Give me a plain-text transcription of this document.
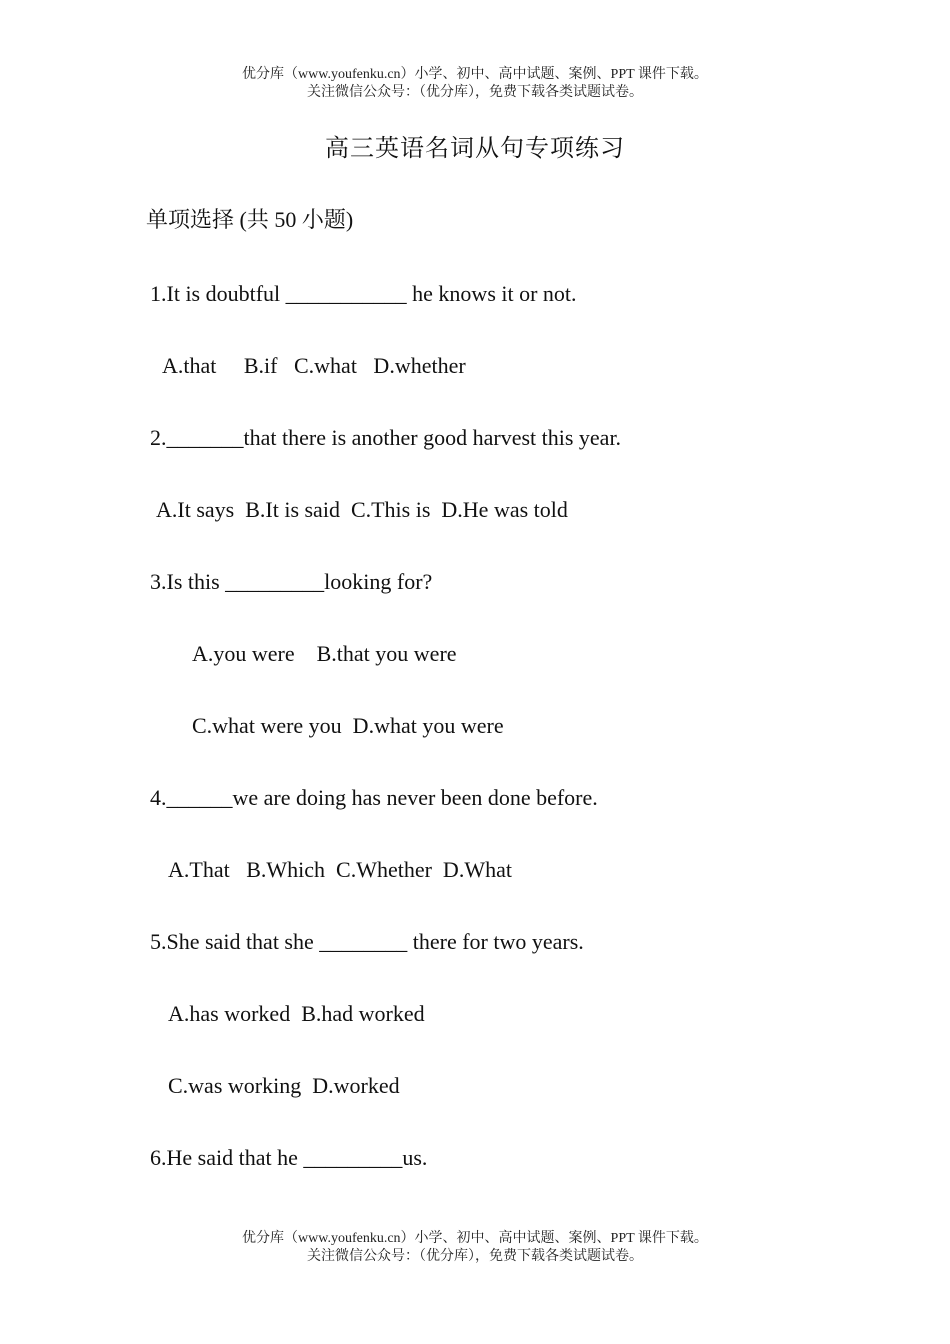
优分库（www.youfenku.cn）小学、初中、高中试题、案例、PPT 课件下载。
关注微信公众号：（优分库），免费下载各类试题试卷。
高三英语名词从句专项练习
单项选择 (共 50 小题)
1.It is doubtful ___________ he knows it or not.
A.that     B.if   C.what   D.whether
2._______that there is another good harvest this year.
A.It says  B.It is said  C.This is  D.He was told
3.Is this _________looking for?
A.you were    B.that you were
C.what were you  D.what you were
4.______we are doing has never been done before.
A.That   B.Which  C.Whether  D.What
5.She said that she ________ there for two years.
A.has worked  B.had worked
C.was working  D.worked
6.He said that he _________us.
优分库（www.youfenku.cn）小学、初中、高中试题、案例、PPT 课件下载。
关注微信公众号：（优分库），免费下载各类试题试卷。
